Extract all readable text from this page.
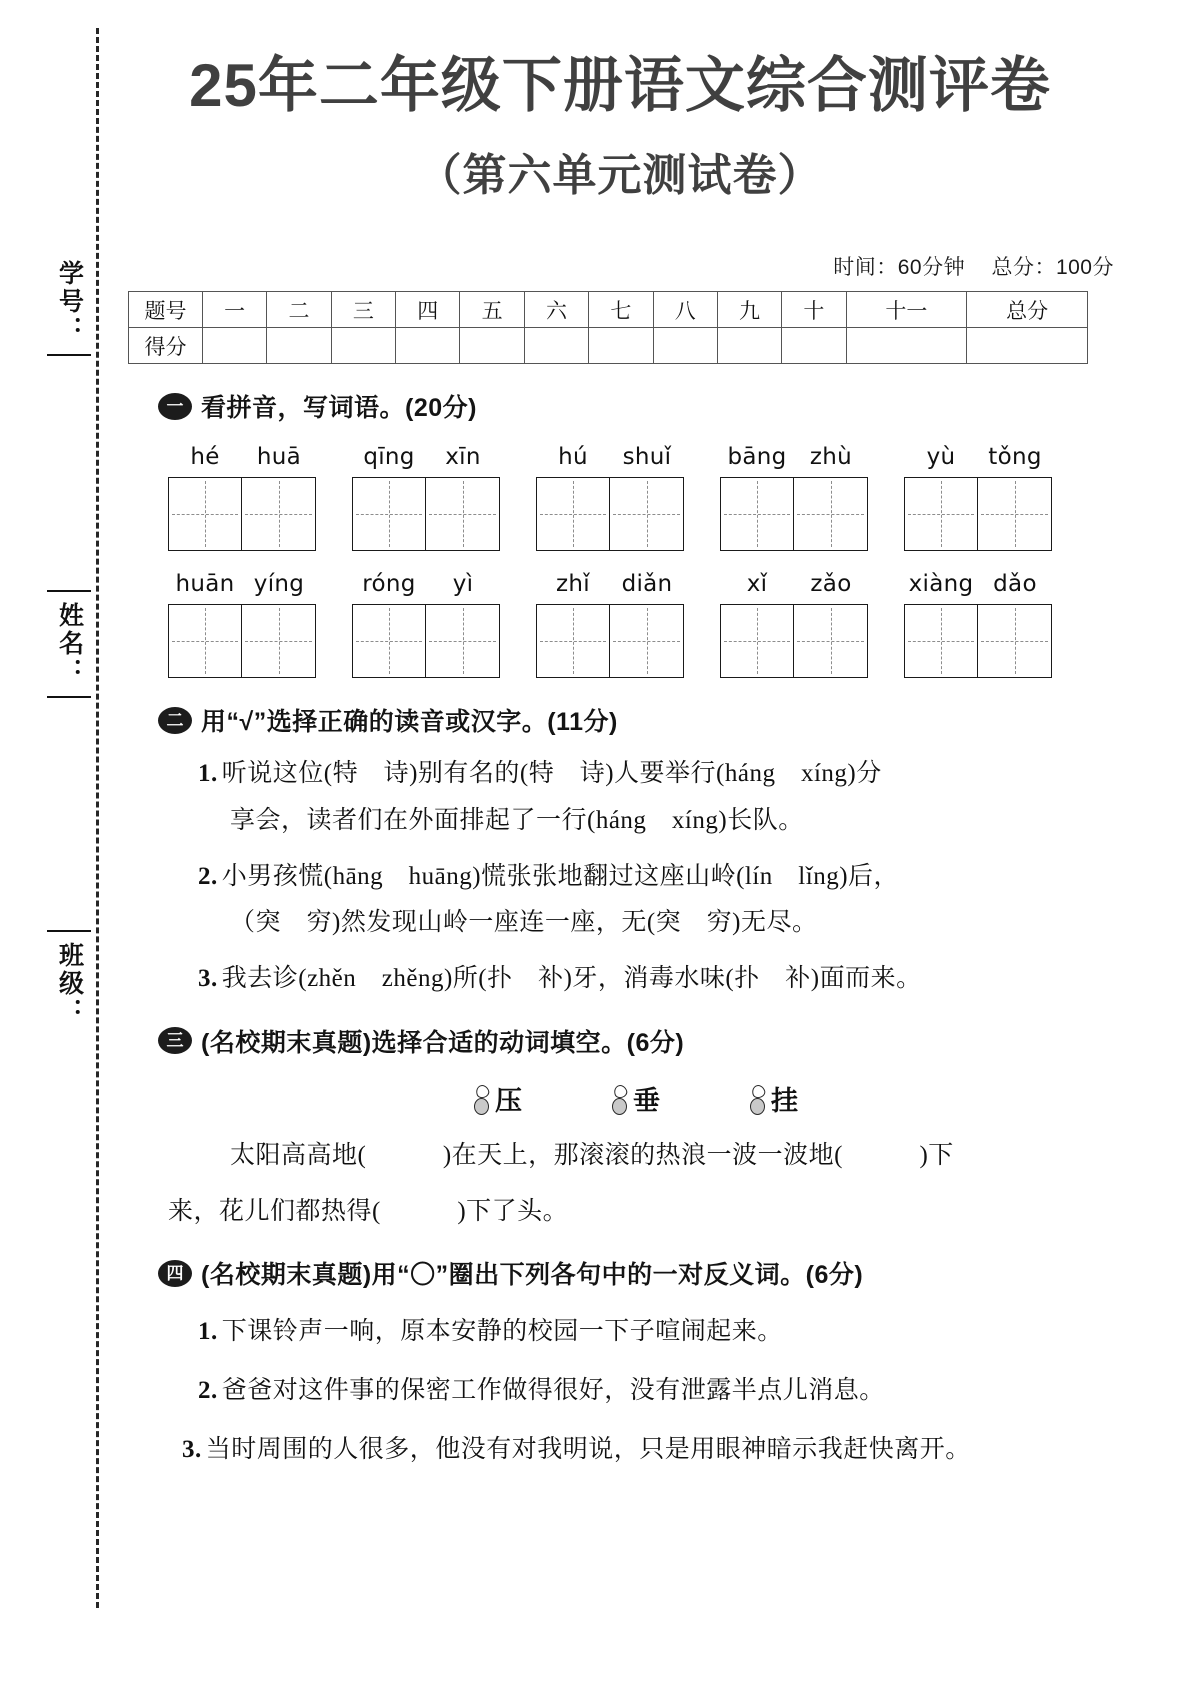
学号：
姓名：
班级：
25年二年级下册语文综合测评卷
（第六单元测试卷）
时间：60分钟 总分：100分
题号	一	二	三	四	五	六	七	八	九	十	十一	总分
得分												
一 看拼音，写词语。(20分)
hé	huā	qīng	xīn	hú	shuǐ	bāng	zhù	yù	tǒng
huān yíng	róng	yì	zhǐ	diǎn	xǐ	zǎo	xiàng dǎo
二 用“√”选择正确的读音或汉字。(11分)
1. 听说这位(特　诗)别有名的(特　诗)人要举行(háng　xíng)分
享会，读者们在外面排起了一行(háng　xíng)长队。
2. 小男孩慌(hāng　huāng)慌张张地翻过这座山岭(lín　lǐng)后，
（突　穷)然发现山岭一座连一座，无(突　穷)无尽。
3. 我去诊(zhěn　zhěng)所(扑　补)牙，消毒水味(扑　补)面而来。
三 (名校期末真题)选择合适的动词填空。(6分)
压	垂	挂
太阳高高地(　　　)在天上，那滚滚的热浪一波一波地(　　　)下
来，花儿们都热得(　　　)下了头。
四 (名校期末真题)用“〇”圈出下列各句中的一对反义词。(6分)
1. 下课铃声一响，原本安静的校园一下子喧闹起来。
2. 爸爸对这件事的保密工作做得很好，没有泄露半点儿消息。
3. 当时周围的人很多，他没有对我明说，只是用眼神暗示我赶快离开。
